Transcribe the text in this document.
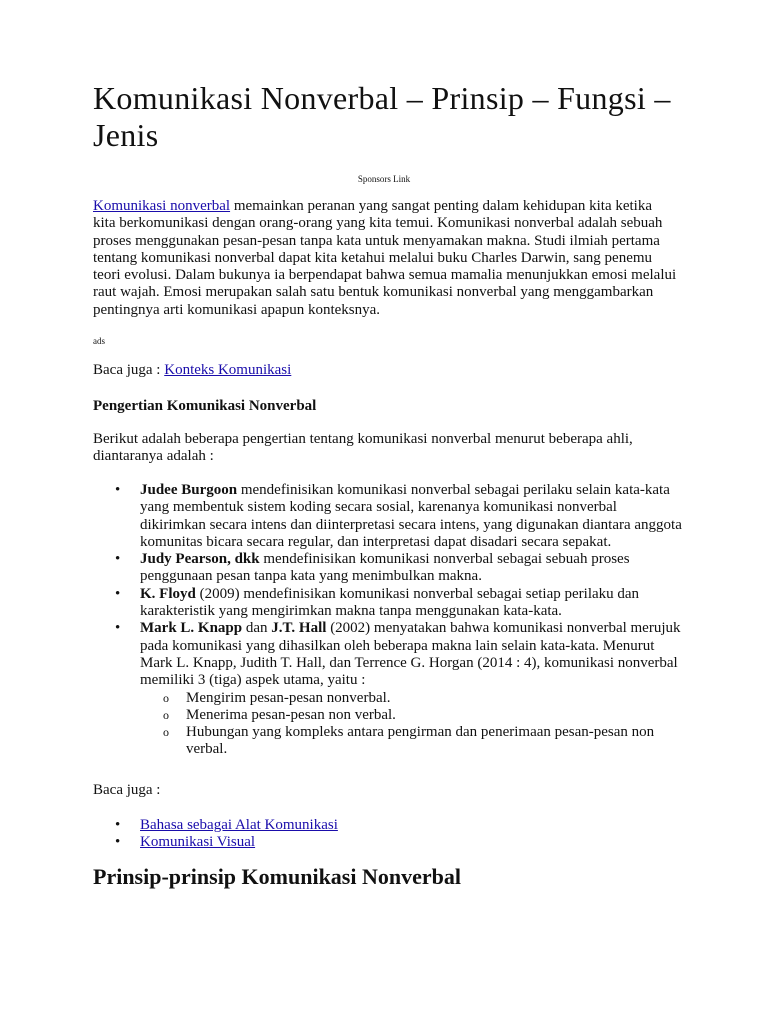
Komunikasi Nonverbal – Prinsip – Fungsi – Jenis
Sponsors Link

Komunikasi nonverbal memainkan peranan yang sangat penting dalam kehidupan kita ketika kita berkomunikasi dengan orang-orang yang kita temui. Komunikasi nonverbal adalah sebuah proses menggunakan pesan-pesan tanpa kata untuk menyamakan makna. Studi ilmiah pertama tentang komunikasi nonverbal dapat kita ketahui melalui buku Charles Darwin, sang penemu teori evolusi. Dalam bukunya ia berpendapat bahwa semua mamalia menunjukkan emosi melalui raut wajah. Emosi merupakan salah satu bentuk komunikasi nonverbal yang menggambarkan pentingnya arti komunikasi apapun konteksnya.

ads

Baca juga : Konteks Komunikasi

Pengertian Komunikasi Nonverbal

Berikut adalah beberapa pengertian tentang komunikasi nonverbal menurut beberapa ahli, diantaranya adalah :

• Judee Burgoon mendefinisikan komunikasi nonverbal sebagai perilaku selain kata-kata yang membentuk sistem koding secara sosial, karenanya komunikasi nonverbal dikirimkan secara intens dan diinterpretasi secara intens, yang digunakan diantara anggota komunitas bicara secara regular, dan interpretasi dapat disadari secara sepakat.
• Judy Pearson, dkk mendefinisikan komunikasi nonverbal sebagai sebuah proses penggunaan pesan tanpa kata yang menimbulkan makna.
• K. Floyd (2009) mendefinisikan komunikasi nonverbal sebagai setiap perilaku dan karakteristik yang mengirimkan makna tanpa menggunakan kata-kata.
• Mark L. Knapp dan J.T. Hall (2002) menyatakan bahwa komunikasi nonverbal merujuk pada komunikasi yang dihasilkan oleh beberapa makna lain selain kata-kata. Menurut Mark L. Knapp, Judith T. Hall, dan Terrence G. Horgan (2014 : 4), komunikasi nonverbal memiliki 3 (tiga) aspek utama, yaitu :
o Mengirim pesan-pesan nonverbal.
o Menerima pesan-pesan non verbal.
o Hubungan yang kompleks antara pengirman dan penerimaan pesan-pesan non verbal.

Baca juga :

• Bahasa sebagai Alat Komunikasi
• Komunikasi Visual
Prinsip-prinsip Komunikasi Nonverbal
